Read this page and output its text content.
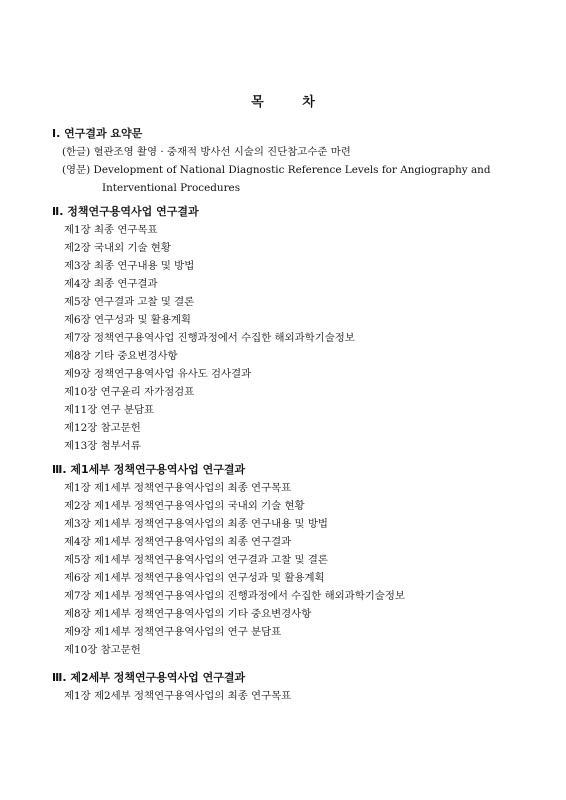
목 차
Ⅰ. 연구결과 요약문
(한글) 혈관조영 촬영 · 중재적 방사선 시술의 진단참고수준 마련
(영문) Development of National Diagnostic Reference Levels for Angiography and
Interventional Procedures
Ⅱ. 정책연구용역사업 연구결과
제1장 최종 연구목표
제2장 국내외 기술 현황
제3장 최종 연구내용 및 방법
제4장 최종 연구결과
제5장 연구결과 고찰 및 결론
제6장 연구성과 및 활용계획
제7장 정책연구용역사업 진행과정에서 수집한 해외과학기술정보
제8장 기타 중요변경사항
제9장 정책연구용역사업 유사도 검사결과
제10장 연구윤리 자가점검표
제11장 연구 분담표
제12장 참고문헌
제13장 첨부서류
Ⅲ. 제1세부 정책연구용역사업 연구결과
제1장 제1세부 정책연구용역사업의 최종 연구목표
제2장 제1세부 정책연구용역사업의 국내외 기술 현황
제3장 제1세부 정책연구용역사업의 최종 연구내용 및 방법
제4장 제1세부 정책연구용역사업의 최종 연구결과
제5장 제1세부 정책연구용역사업의 연구결과 고찰 및 결론
제6장 제1세부 정책연구용역사업의 연구성과 및 활용계획
제7장 제1세부 정책연구용역사업의 진행과정에서 수집한 해외과학기술정보
제8장 제1세부 정책연구용역사업의 기타 중요변경사항
제9장 제1세부 정책연구용역사업의 연구 분담표
제10장 참고문헌
Ⅲ. 제2세부 정책연구용역사업 연구결과
제1장 제2세부 정책연구용역사업의 최종 연구목표
